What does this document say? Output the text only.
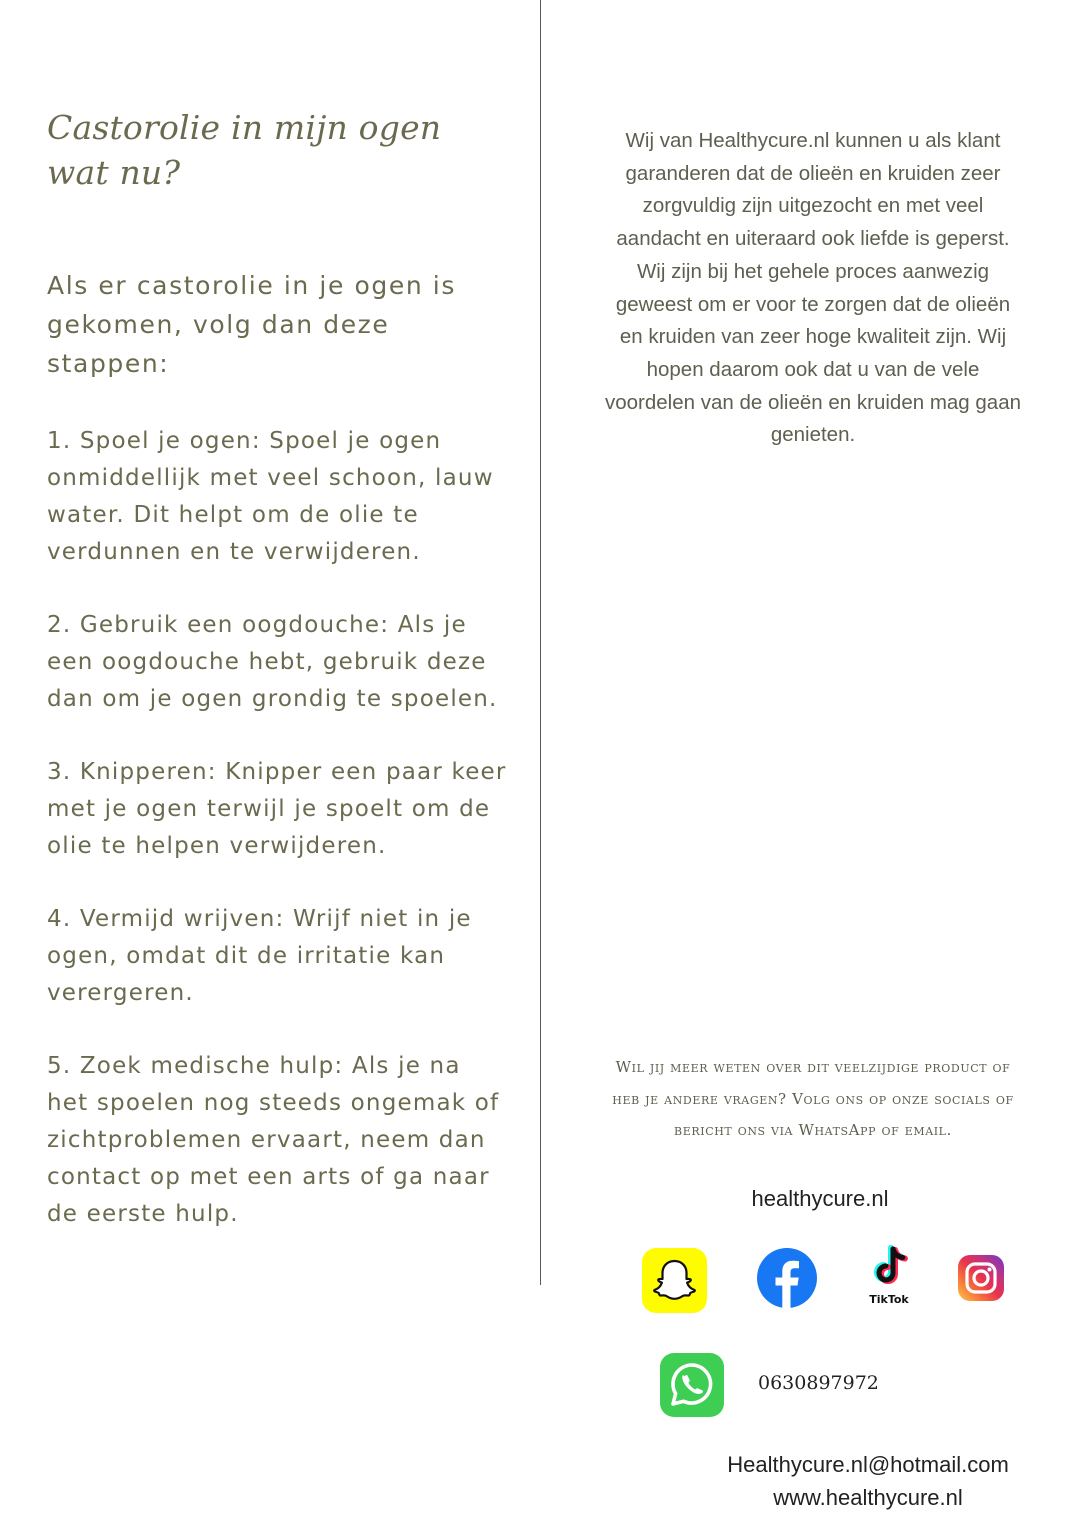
Castorolie in mijn ogen
wat nu?

Als er castorolie in je ogen is gekomen, volg dan deze stappen:

1. Spoel je ogen: Spoel je ogen onmiddellijk met veel schoon, lauw water. Dit helpt om de olie te verdunnen en te verwijderen.
2. Gebruik een oogdouche: Als je een oogdouche hebt, gebruik deze dan om je ogen grondig te spoelen.
3. Knipperen: Knipper een paar keer met je ogen terwijl je spoelt om de olie te helpen verwijderen.
4. Vermijd wrijven: Wrijf niet in je ogen, omdat dit de irritatie kan verergeren.
5. Zoek medische hulp: Als je na het spoelen nog steeds ongemak of zichtproblemen ervaart, neem dan contact op met een arts of ga naar de eerste hulp.

Wij van Healthycure.nl kunnen u als klant garanderen dat de olieën en kruiden zeer zorgvuldig zijn uitgezocht en met veel aandacht en uiteraard ook liefde is geperst. Wij zijn bij het gehele proces aanwezig geweest om er voor te zorgen dat de olieën en kruiden van zeer hoge kwaliteit zijn. Wij hopen daarom ook dat u van de vele voordelen van de olieën en kruiden mag gaan genieten.

Wil jij meer weten over dit veelzijdige product of heb je andere vragen? Volg ons op onze socials of bericht ons via WhatsApp of email.

healthycure.nl
TikTok
0630897972
Healthycure.nl@hotmail.com
www.healthycure.nl
